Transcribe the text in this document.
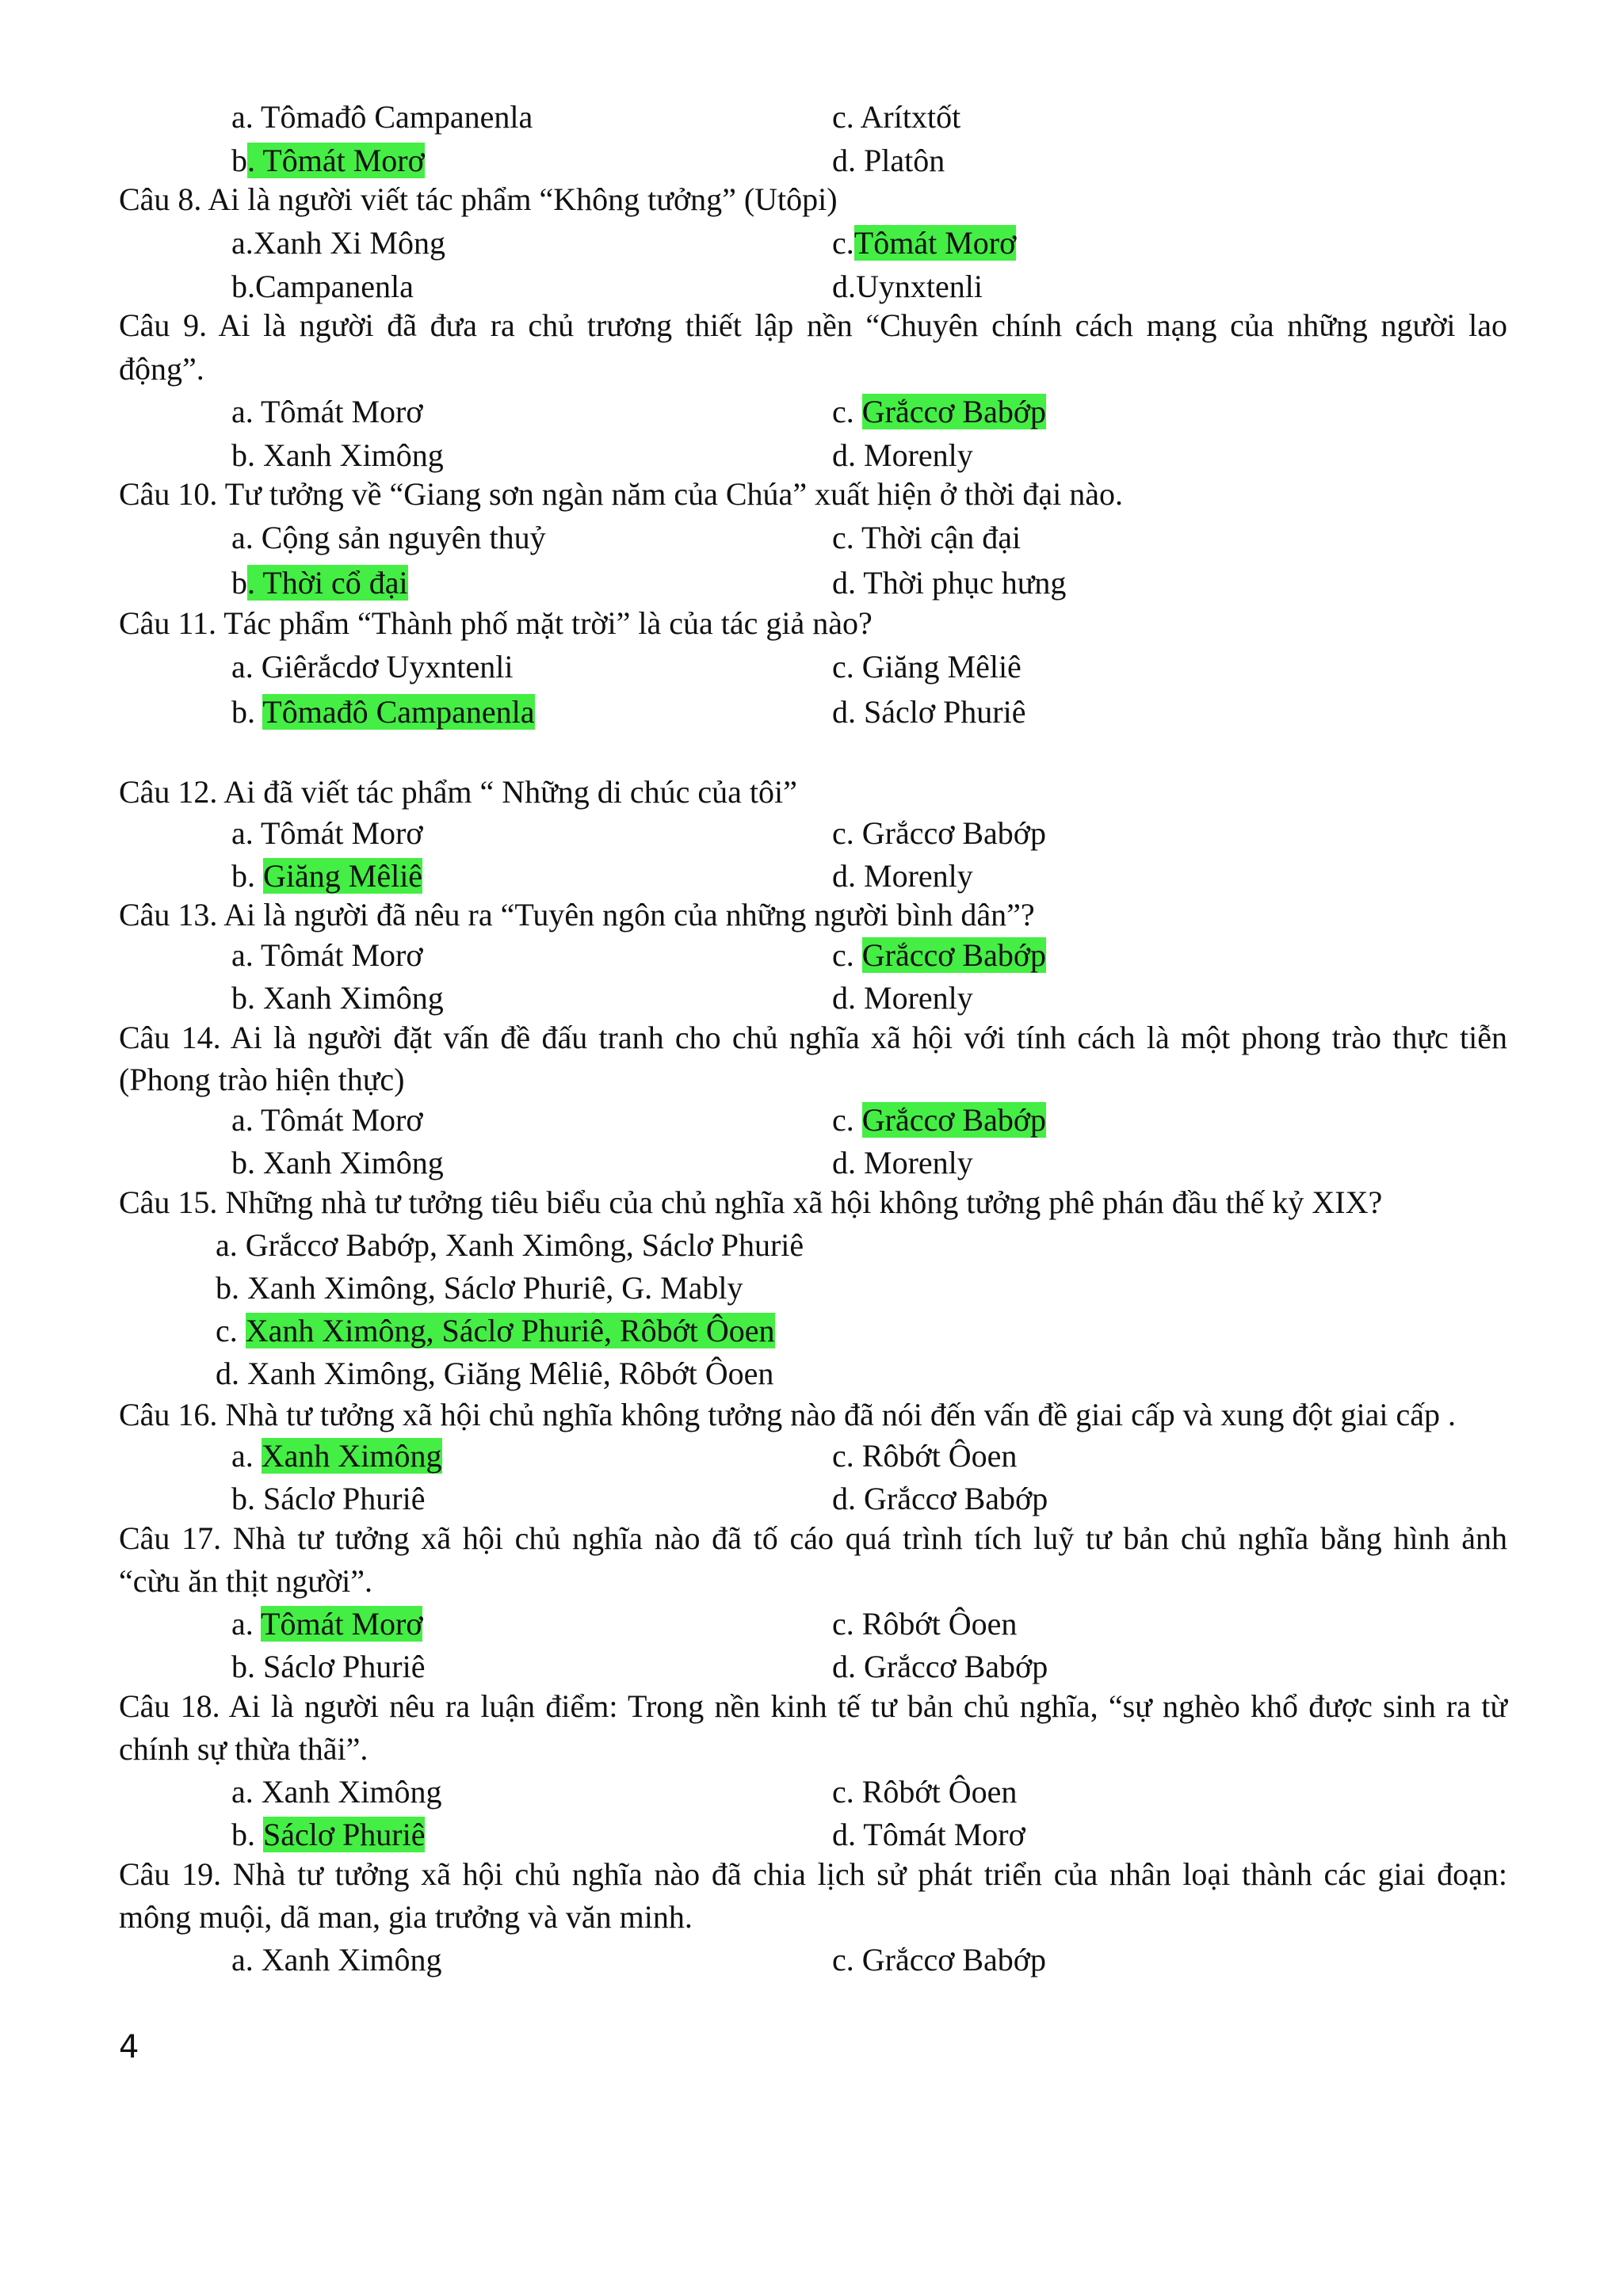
a. Tômađô Campanenla	c. Arítxtốt
b. Tômát Morơ	d. Platôn
Câu 8. Ai là người viết tác phẩm “Không tưởng” (Utôpi)
a.Xanh Xi Mông	c.Tômát Morơ
b.Campanenla	d.Uynxtenli
Câu 9. Ai là người đã đưa ra chủ trương thiết lập nền “Chuyên chính cách mạng của những người lao
động”.
a. Tômát Morơ	c. Grắccơ Babớp
b. Xanh Ximông	d. Morenly
Câu 10. Tư tưởng về “Giang sơn ngàn năm của Chúa” xuất hiện ở thời đại nào.
a. Cộng sản nguyên thuỷ	c. Thời cận đại
b. Thời cổ đại	d. Thời phục hưng
Câu 11. Tác phẩm “Thành phố mặt trời” là của tác giả nào?
a. Giêrắcdơ Uyxntenli	c. Giăng Mêliê
b. Tômađô Campanenla	d. Sáclơ Phuriê
Câu 12. Ai đã viết tác phẩm “ Những di chúc của tôi”
a. Tômát Morơ	c. Grắccơ Babớp
b. Giăng Mêliê	d. Morenly
Câu 13. Ai là người đã nêu ra “Tuyên ngôn của những người bình dân”?
a. Tômát Morơ	c. Grắccơ Babớp
b. Xanh Ximông	d. Morenly
Câu 14. Ai là người đặt vấn đề đấu tranh cho chủ nghĩa xã hội với tính cách là một phong trào thực tiễn
(Phong trào hiện thực)
a. Tômát Morơ	c. Grắccơ Babớp
b. Xanh Ximông	d. Morenly
Câu 15. Những nhà tư tưởng tiêu biểu của chủ nghĩa xã hội không tưởng phê phán đầu thế kỷ XIX?
a. Grắccơ Babớp, Xanh Ximông, Sáclơ Phuriê
b. Xanh Ximông, Sáclơ Phuriê, G. Mably
c. Xanh Ximông, Sáclơ Phuriê, Rôbớt Ôoen
d. Xanh Ximông, Giăng Mêliê, Rôbớt Ôoen
Câu 16. Nhà tư tưởng xã hội chủ nghĩa không tưởng nào đã nói đến vấn đề giai cấp và xung đột giai cấp .
a. Xanh Ximông	c. Rôbớt Ôoen
b. Sáclơ Phuriê	d. Grắccơ Babớp
Câu 17. Nhà tư tưởng xã hội chủ nghĩa nào đã tố cáo quá trình tích luỹ tư bản chủ nghĩa bằng hình ảnh
“cừu ăn thịt người”.
a. Tômát Morơ	c. Rôbớt Ôoen
b. Sáclơ Phuriê	d. Grắccơ Babớp
Câu 18. Ai là người nêu ra luận điểm: Trong nền kinh tế tư bản chủ nghĩa, “sự nghèo khổ được sinh ra từ
chính sự thừa thãi”.
a. Xanh Ximông	c. Rôbớt Ôoen
b. Sáclơ Phuriê	d. Tômát Morơ
Câu 19. Nhà tư tưởng xã hội chủ nghĩa nào đã chia lịch sử phát triển của nhân loại thành các giai đoạn:
mông muội, dã man, gia trưởng và văn minh.
a. Xanh Ximông	c. Grắccơ Babớp
4
